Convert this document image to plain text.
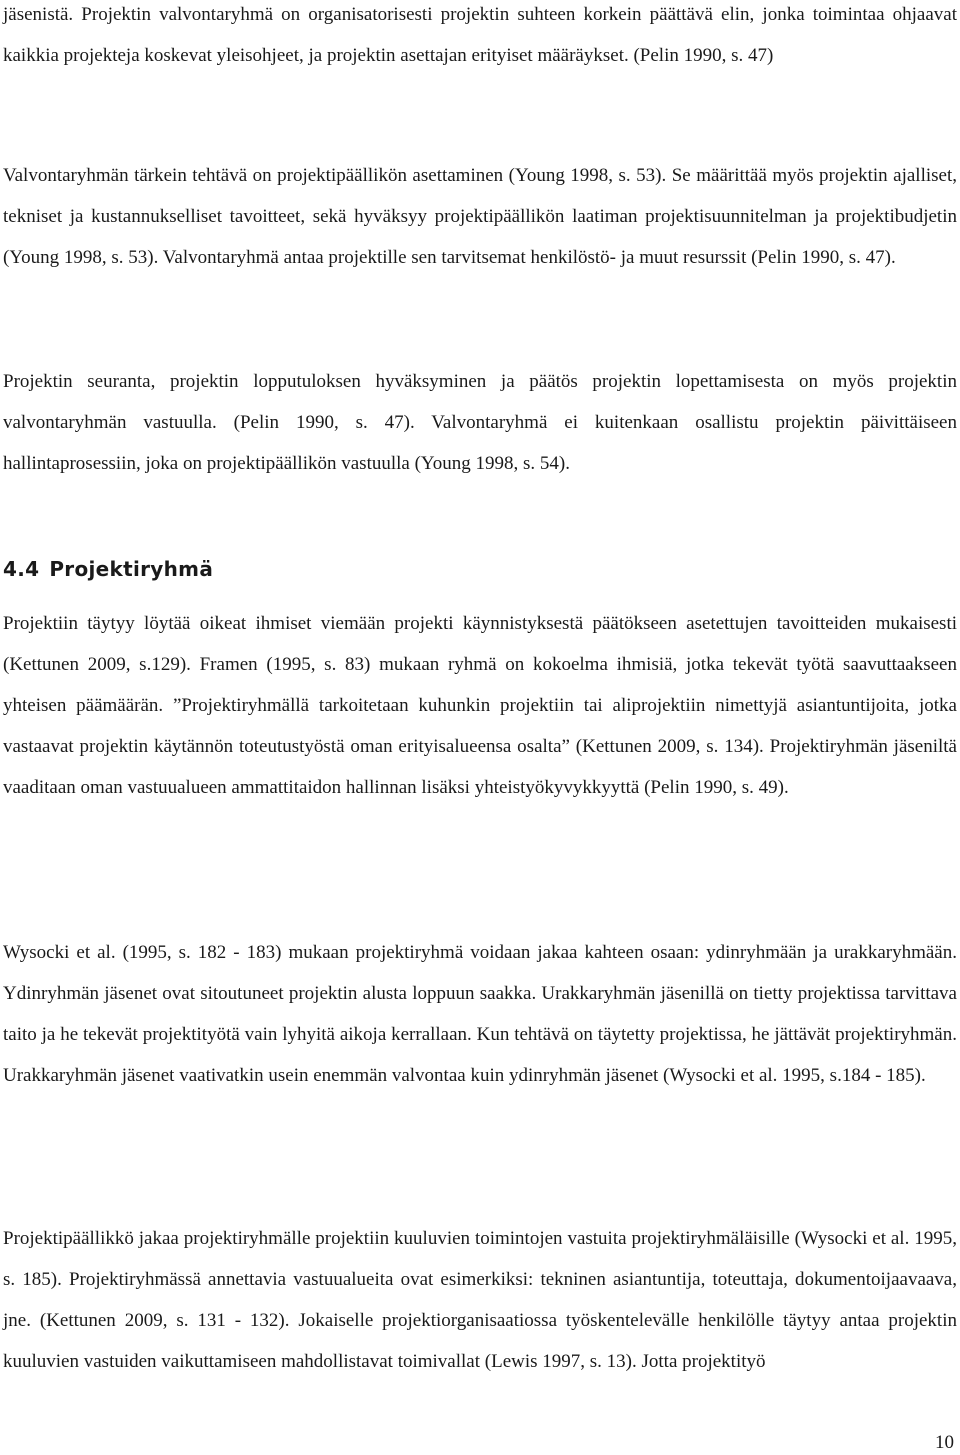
jäsenistä. Projektin valvontaryhmä on organisatorisesti projektin suhteen korkein päättävä elin, jonka toimintaa ohjaavat kaikkia projekteja koskevat yleisohjeet, ja projektin asettajan erityiset määräykset. (Pelin 1990, s. 47)

Valvontaryhmän tärkein tehtävä on projektipäällikön asettaminen (Young 1998, s. 53). Se määrittää myös projektin ajalliset, tekniset ja kustannukselliset tavoitteet, sekä hyväksyy projektipäällikön laatiman projektisuunnitelman ja projektibudjetin (Young 1998, s. 53). Valvontaryhmä antaa projektille sen tarvitsemat henkilöstö- ja muut resurssit (Pelin 1990, s. 47).

Projektin seuranta, projektin lopputuloksen hyväksyminen ja päätös projektin lopettamisesta on myös projektin valvontaryhmän vastuulla. (Pelin 1990, s. 47). Valvontaryhmä ei kuitenkaan osallistu projektin päivittäiseen hallintaprosessiin, joka on projektipäällikön vastuulla (Young 1998, s. 54).

4.4 Projektiryhmä

Projektiin täytyy löytää oikeat ihmiset viemään projekti käynnistyksestä päätökseen asetettujen tavoitteiden mukaisesti (Kettunen 2009, s.129). Framen (1995, s. 83) mukaan ryhmä on kokoelma ihmisiä, jotka tekevät työtä saavuttaakseen yhteisen päämäärän. ”Projektiryhmällä tarkoitetaan kuhunkin projektiin tai aliprojektiin nimettyjä asiantuntijoita, jotka vastaavat projektin käytännön toteutustyöstä oman erityisalueensa osalta” (Kettunen 2009, s. 134). Projektiryhmän jäseniltä vaaditaan oman vastuualueen ammattitaidon hallinnan lisäksi yhteistyökyvykkyyttä (Pelin 1990, s. 49).

Wysocki et al. (1995, s. 182 - 183) mukaan projektiryhmä voidaan jakaa kahteen osaan: ydinryhmään ja urakkaryhmään. Ydinryhmän jäsenet ovat sitoutuneet projektin alusta loppuun saakka. Urakkaryhmän jäsenillä on tietty projektissa tarvittava taito ja he tekevät projektityötä vain lyhyitä aikoja kerrallaan. Kun tehtävä on täytetty projektissa, he jättävät projektiryhmän. Urakkaryhmän jäsenet vaativatkin usein enemmän valvontaa kuin ydinryhmän jäsenet (Wysocki et al. 1995, s.184 - 185).

Projektipäällikkö jakaa projektiryhmälle projektiin kuuluvien toimintojen vastuita projektiryhmäläisille (Wysocki et al. 1995, s. 185). Projektiryhmässä annettavia vastuualueita ovat esimerkiksi: tekninen asiantuntija, toteuttaja, dokumentoijaavaava, jne. (Kettunen 2009, s. 131 - 132). Jokaiselle projektiorganisaatiossa työskentelevälle henkilölle täytyy antaa projektin kuuluvien vastuiden vaikuttamiseen mahdollistavat toimivallat (Lewis 1997, s. 13). Jotta projektityö

10
